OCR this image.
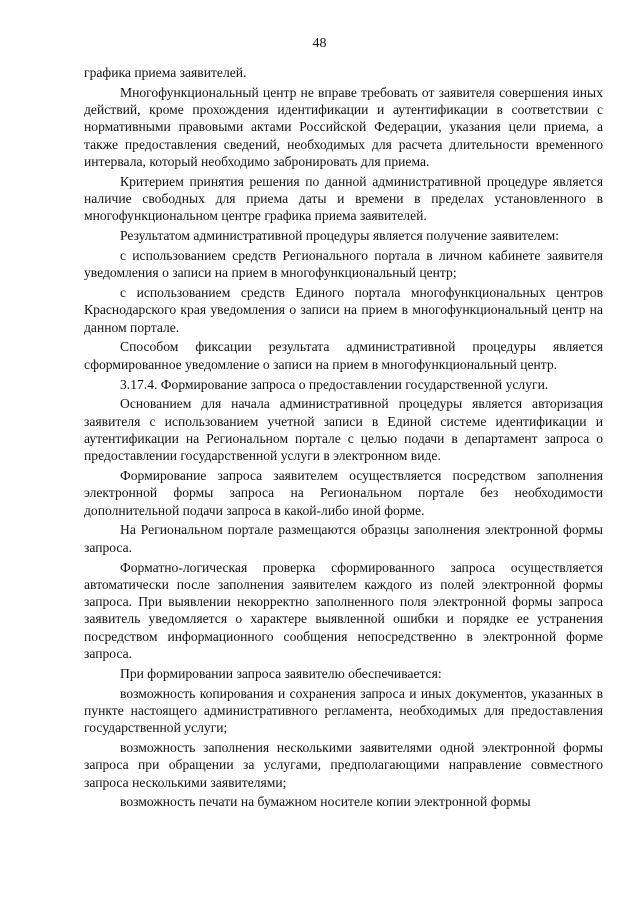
48

графика приема заявителей.

Многофункциональный центр не вправе требовать от заявителя совершения иных действий, кроме прохождения идентификации и аутентификации в соответствии с нормативными правовыми актами Российской Федерации, указания цели приема, а также предоставления сведений, необходимых для расчета длительности временного интервала, который необходимо забронировать для приема.

Критерием принятия решения по данной административной процедуре является наличие свободных для приема даты и времени в пределах установленного в многофункциональном центре графика приема заявителей.

Результатом административной процедуры является получение заявителем:

с использованием средств Регионального портала в личном кабинете заявителя уведомления о записи на прием в многофункциональный центр;

с использованием средств Единого портала многофункциональных центров Краснодарского края уведомления о записи на прием в многофункциональный центр на данном портале.

Способом фиксации результата административной процедуры является сформированное уведомление о записи на прием в многофункциональный центр.

3.17.4. Формирование запроса о предоставлении государственной услуги.

Основанием для начала административной процедуры является авторизация заявителя с использованием учетной записи в Единой системе идентификации и аутентификации на Региональном портале с целью подачи в департамент запроса о предоставлении государственной услуги в электронном виде.

Формирование запроса заявителем осуществляется посредством заполнения электронной формы запроса на Региональном портале без необходимости дополнительной подачи запроса в какой-либо иной форме.

На Региональном портале размещаются образцы заполнения электронной формы запроса.

Форматно-логическая проверка сформированного запроса осуществляется автоматически после заполнения заявителем каждого из полей электронной формы запроса. При выявлении некорректно заполненного поля электронной формы запроса заявитель уведомляется о характере выявленной ошибки и порядке ее устранения посредством информационного сообщения непосредственно в электронной форме запроса.

При формировании запроса заявителю обеспечивается:

возможность копирования и сохранения запроса и иных документов, указанных в пункте настоящего административного регламента, необходимых для предоставления государственной услуги;

возможность заполнения несколькими заявителями одной электронной формы запроса при обращении за услугами, предполагающими направление совместного запроса несколькими заявителями;

возможность печати на бумажном носителе копии электронной формы
